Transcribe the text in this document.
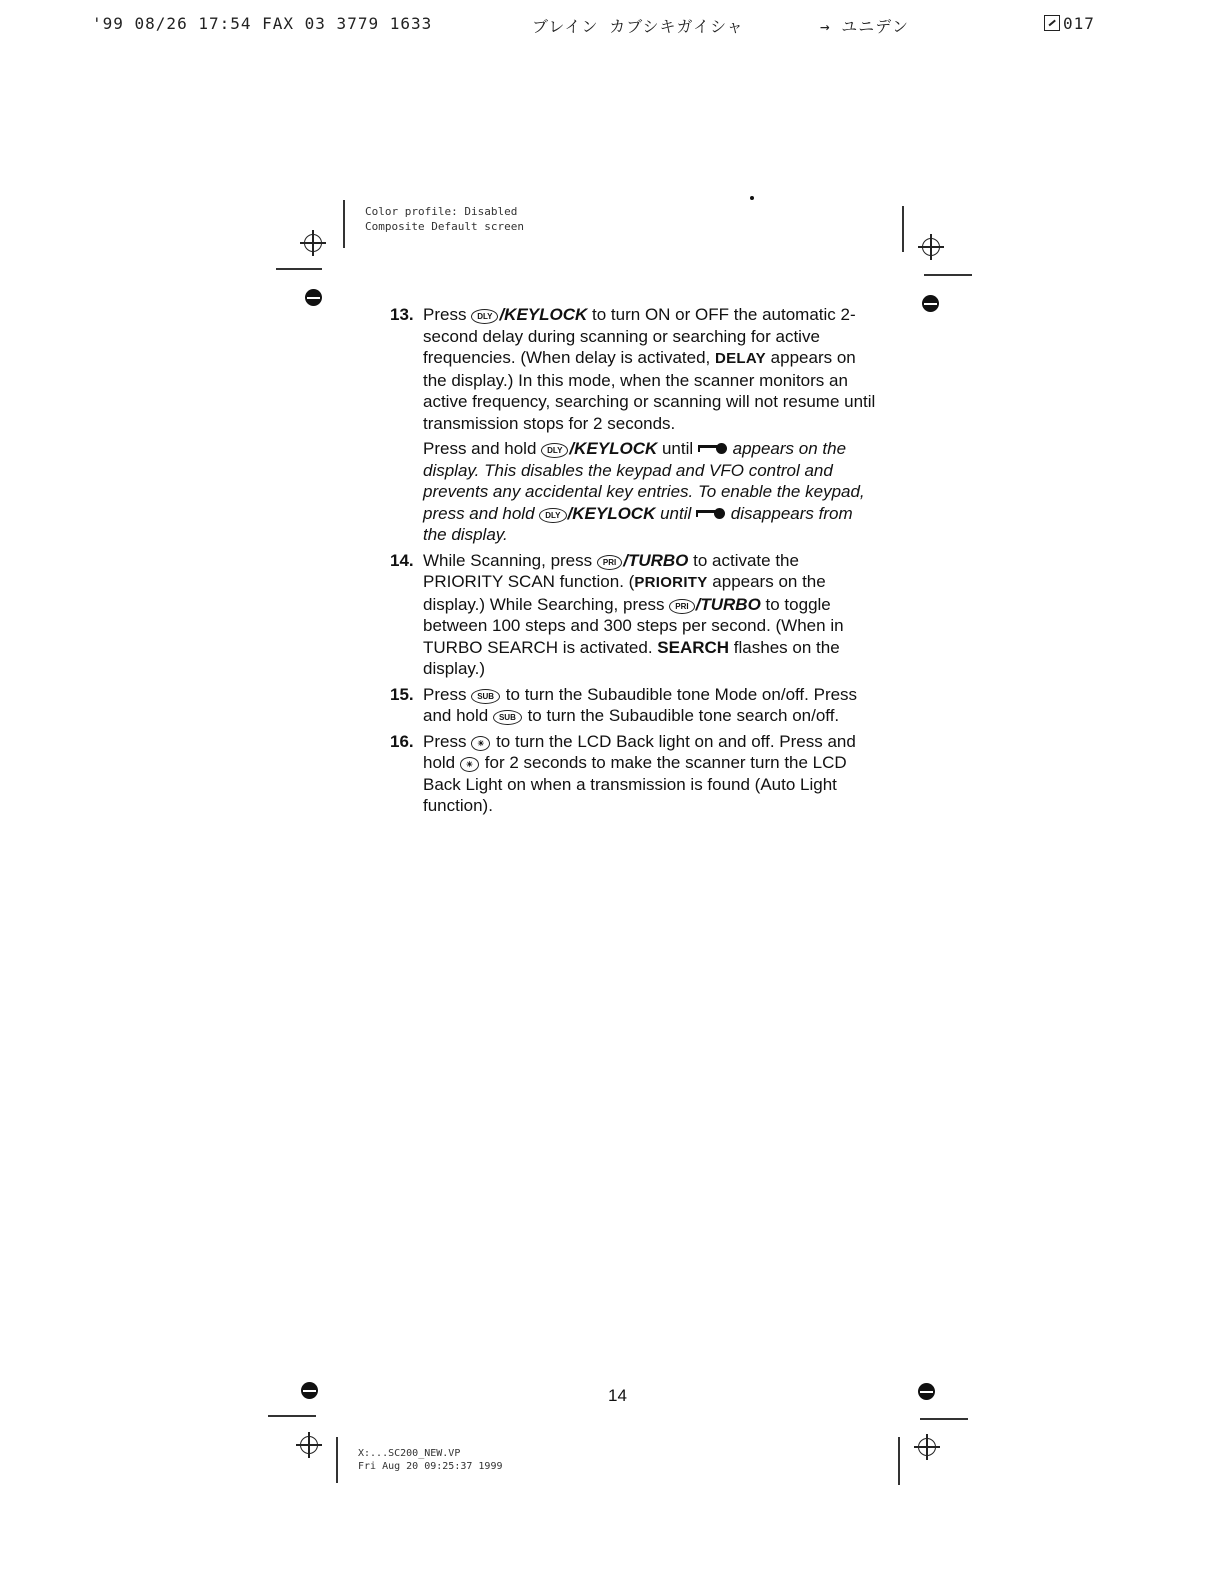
'99 08/26 17:54 FAX 03 3779 1633	ブレイン カブシキガイシャ	→ ユニデン	017
Color profile: Disabled
Composite Default screen
13. Press DLY /KEYLOCK to turn ON or OFF the automatic 2-second delay during scanning or searching for active frequencies. (When delay is activated, DELAY appears on the display.) In this mode, when the scanner monitors an active frequency, searching or scanning will not resume until transmission stops for 2 seconds.

Press and hold DLY /KEYLOCK until  appears on the display. This disables the keypad and VFO control and prevents any accidental key entries. To enable the keypad, press and hold DLY /KEYLOCK until  disappears from the display.

14. While Scanning, press PRI /TURBO to activate the PRIORITY SCAN function. (PRIORITY appears on the display.) While Searching, press PRI /TURBO to toggle between 100 steps and 300 steps per second. (When in TURBO SEARCH is activated. SEARCH flashes on the display.)

15. Press SUB to turn the Subaudible tone Mode on/off. Press and hold SUB to turn the Subaudible tone search on/off.

16. Press ☀ to turn the LCD Back light on and off. Press and hold ☀ for 2 seconds to make the scanner turn the LCD Back Light on when a transmission is found (Auto Light function).

14
X:...SC200_NEW.VP
Fri Aug 20 09:25:37 1999
